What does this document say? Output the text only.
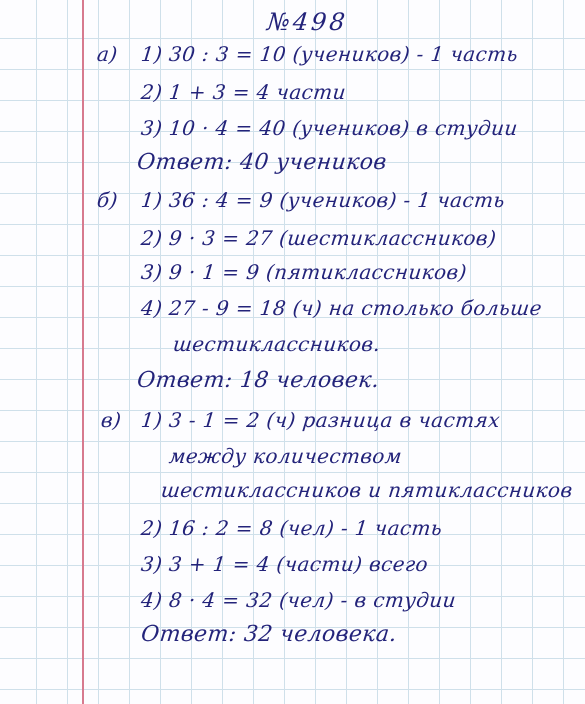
№498
а) 1) 30 : 3 = 10 (учеников) - 1 часть
2) 1 + 3 = 4 части
3) 10 · 4 = 40 (учеников) в студии
Ответ: 40 учеников
б) 1) 36 : 4 = 9 (учеников) - 1 часть
2) 9 · 3 = 27 (шестиклассников)
3) 9 · 1 = 9 (пятиклассников)
4) 27 - 9 = 18 (ч) на столько больше
шестиклассников.
Ответ: 18 человек.
в) 1) 3 - 1 = 2 (ч) разница в частях
между количеством
шестиклассников и пятиклассников
2) 16 : 2 = 8 (чел) - 1 часть
3) 3 + 1 = 4 (части) всего
4) 8 · 4 = 32 (чел) - в студии
Ответ: 32 человека.
